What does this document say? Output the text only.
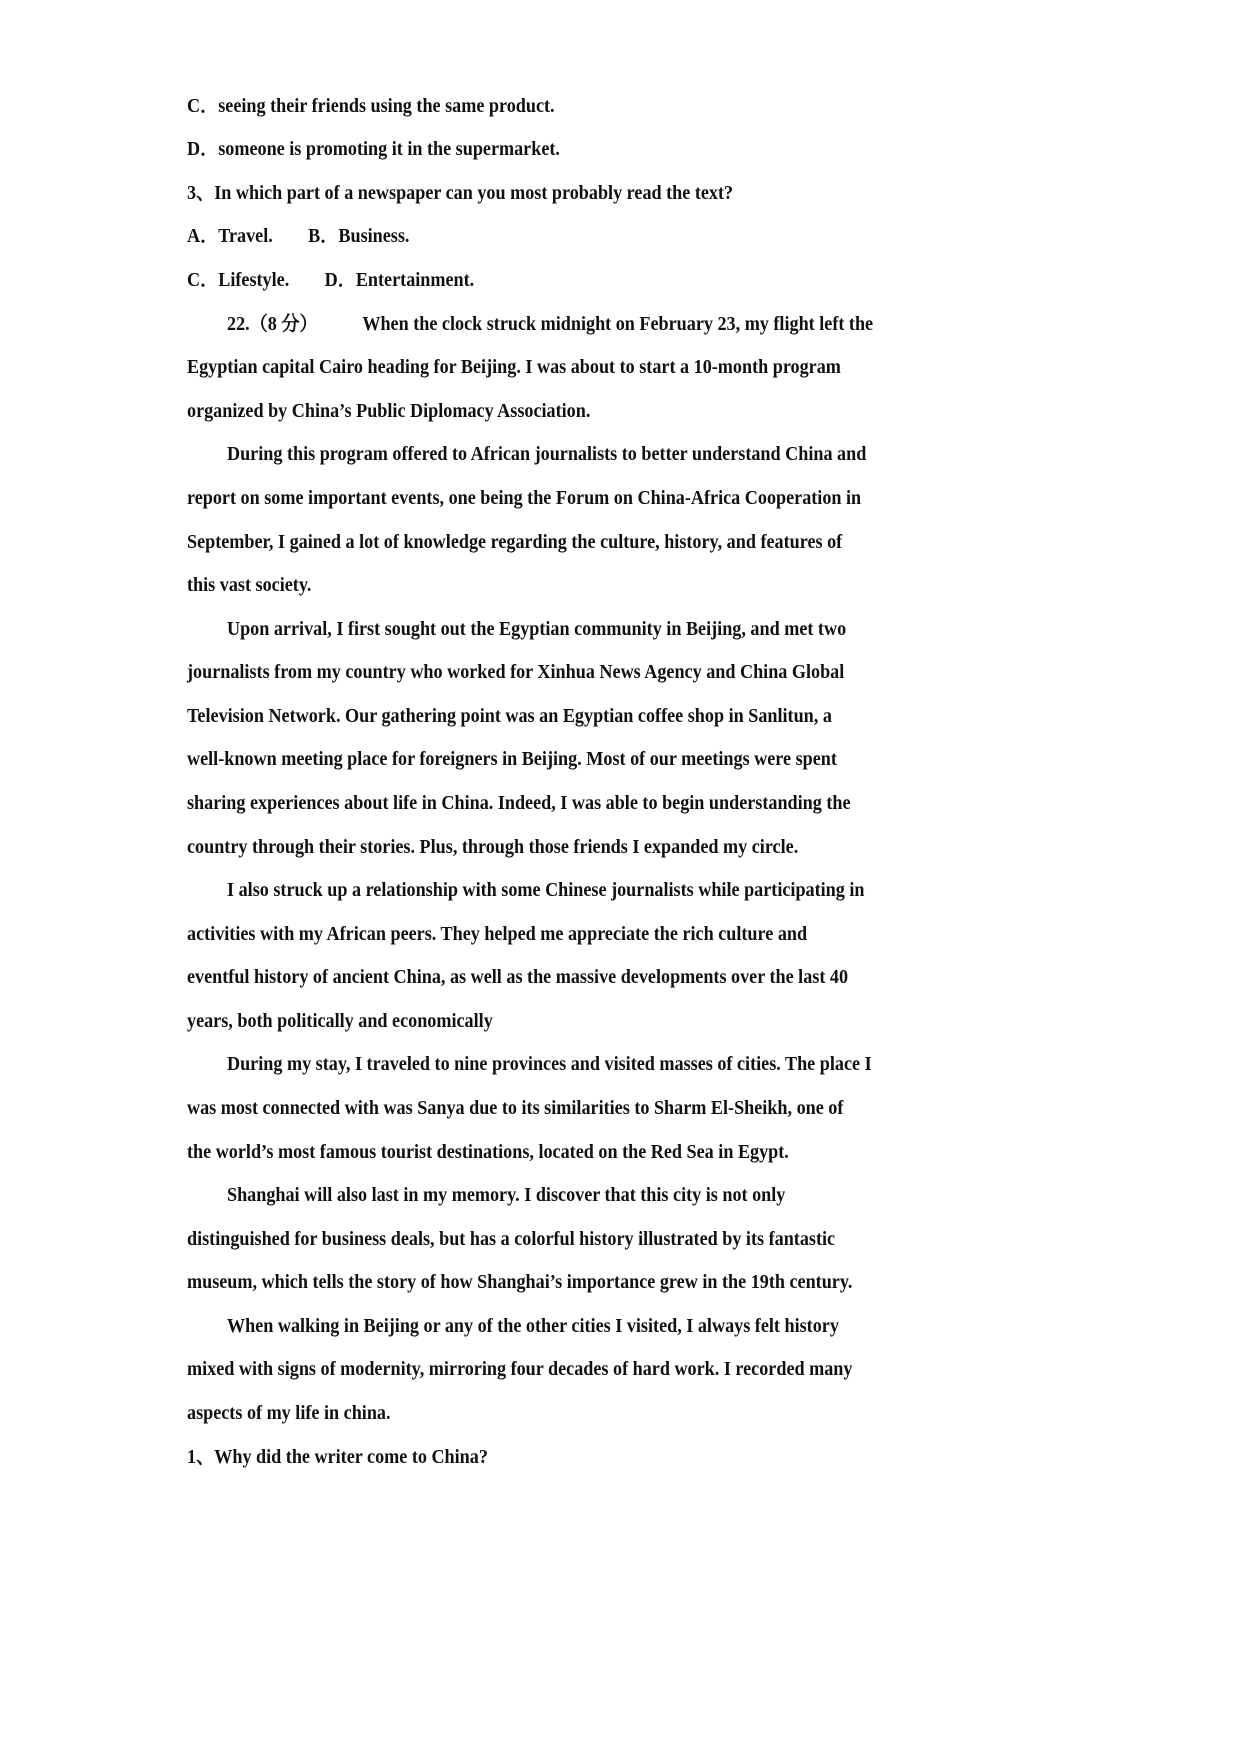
C．seeing their friends using the same product.
D．someone is promoting it in the supermarket.
3、In which part of a newspaper can you most probably read the text?
A．Travel. B．Business.
C．Lifestyle. D．Entertainment.
22.（8 分） When the clock struck midnight on February 23, my flight left the
Egyptian capital Cairo heading for Beijing. I was about to start a 10-month program
organized by China’s Public Diplomacy Association.
During this program offered to African journalists to better understand China and
report on some important events, one being the Forum on China-Africa Cooperation in
September, I gained a lot of knowledge regarding the culture, history, and features of
this vast society.
Upon arrival, I first sought out the Egyptian community in Beijing, and met two
journalists from my country who worked for Xinhua News Agency and China Global
Television Network. Our gathering point was an Egyptian coffee shop in Sanlitun, a
well-known meeting place for foreigners in Beijing. Most of our meetings were spent
sharing experiences about life in China. Indeed, I was able to begin understanding the
country through their stories. Plus, through those friends I expanded my circle.
I also struck up a relationship with some Chinese journalists while participating in
activities with my African peers. They helped me appreciate the rich culture and
eventful history of ancient China, as well as the massive developments over the last 40
years, both politically and economically
During my stay, I traveled to nine provinces and visited masses of cities. The place I
was most connected with was Sanya due to its similarities to Sharm El-Sheikh, one of
the world’s most famous tourist destinations, located on the Red Sea in Egypt.
Shanghai will also last in my memory. I discover that this city is not only
distinguished for business deals, but has a colorful history illustrated by its fantastic
museum, which tells the story of how Shanghai’s importance grew in the 19th century.
When walking in Beijing or any of the other cities I visited, I always felt history
mixed with signs of modernity, mirroring four decades of hard work. I recorded many
aspects of my life in china.
1、Why did the writer come to China?
